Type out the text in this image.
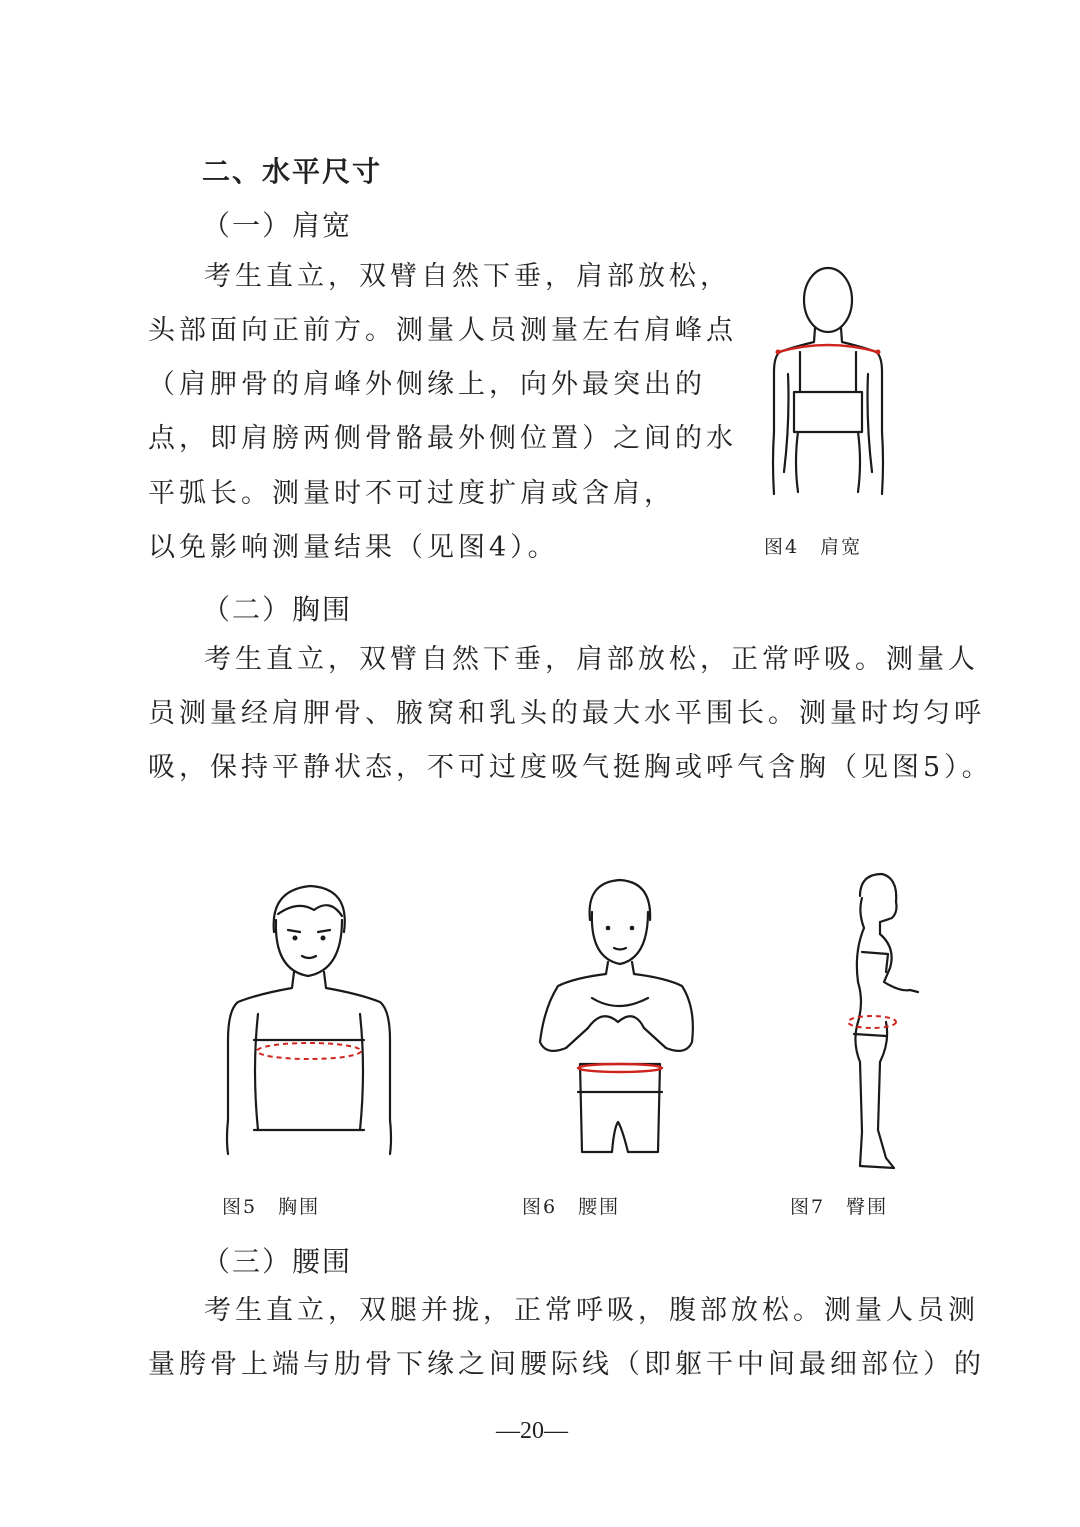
二、水平尺寸
（一）肩宽
考生直立，双臂自然下垂，肩部放松，
头部面向正前方。测量人员测量左右肩峰点
（肩胛骨的肩峰外侧缘上，向外最突出的
点，即肩膀两侧骨骼最外侧位置）之间的水
平弧长。测量时不可过度扩肩或含肩，
以免影响测量结果（见图4）。	图4　肩宽
（二）胸围
考生直立，双臂自然下垂，肩部放松，正常呼吸。测量人
员测量经肩胛骨、腋窝和乳头的最大水平围长。测量时均匀呼
吸，保持平静状态，不可过度吸气挺胸或呼气含胸（见图5）。
图5　胸围	图6　腰围	图7　臀围
（三）腰围
考生直立，双腿并拢，正常呼吸，腹部放松。测量人员测
量胯骨上端与肋骨下缘之间腰际线（即躯干中间最细部位）的
—20—
